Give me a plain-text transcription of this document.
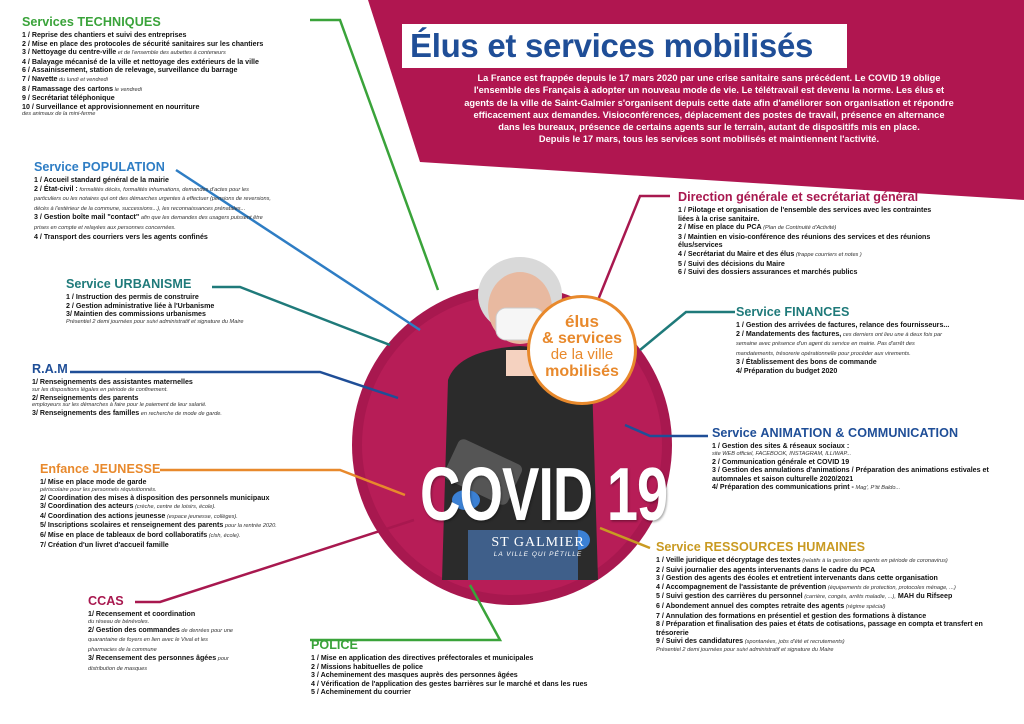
Élus et services mobilisés
La France est frappée depuis le 17 mars 2020 par une crise sanitaire sans précédent. Le COVID 19 oblige
l'ensemble des Français à adopter un nouveau mode de vie. Le télétravail est devenu la norme. Les élus et
agents de la ville de Saint-Galmier s'organisent depuis cette date afin d'améliorer son organisation et répondre
efficacement aux demandes. Visioconférences, déplacement des postes de travail, présence en alternance
dans les bureaux, présence de certains agents sur le terrain, autant de dispositifs mis en place.
Depuis le 17 mars, tous les services sont mobilisés et maintiennent l'activité.
élus
& services
de la ville
mobilisés
COVID 19
ST GALMIER
LA VILLE QUI PÉTILLE
Services TECHNIQUES
1 / Reprise des chantiers et suivi des entreprises
2 / Mise en place des protocoles de sécurité sanitaires sur les chantiers
3 / Nettoyage du centre-ville et de l'ensemble des aubettes à conteneurs
4 / Balayage mécanisé de la ville et nettoyage des extérieurs de la ville
6 / Assainissement, station de relevage, surveillance du barrage
7 / Navette du lundi et vendredi
8 / Ramassage des cartons le vendredi
9 / Secrétariat téléphonique
10 / Surveillance et approvisionnement en nourriture
des animaux de la mini-ferme
Service POPULATION
1 / Accueil standard général de la mairie
2 / État-civil : formalités décès, formalités inhumations, demandes d'actes pour les particuliers ou les notaires qui ont des démarches urgentes à effectuer (pensions de reversions, décès à l'extérieur de la commune, successions...), les reconnaissances prénatales...
3 / Gestion boîte mail "contact" afin que les demandes des usagers puissent être prises en compte et relayées aux personnes concernées.
4 / Transport des courriers vers les agents confinés
Service URBANISME
1 / Instruction des permis de construire
2 / Gestion administrative liée à l'Urbanisme
3/ Maintien des commissions urbanismes
Présentiel 2 demi journées pour suivi administratif et signature du Maire
R.A.M
1/ Renseignements des assistantes maternelles
sur les dispositions légales en période de confinement.
2/ Renseignements des parents
employeurs sur les démarches à faire pour le paiement de leur salarié.
3/ Renseignements des familles en recherche de mode de garde.
Enfance JEUNESSE
1/ Mise en place mode de garde
périscolaire pour les personnels réquisitionnés.
2/ Coordination des mises à disposition des personnels municipaux
3/ Coordination des acteurs (crèche, centre de loisirs, école).
4/ Coordination des actions jeunesse (espace jeunesse, collèges).
5/ Inscriptions scolaires et renseignement des parents pour la rentrée 2020.
6/ Mise en place de tableaux de bord collaboratifs (clsh, école).
7/ Création d'un livret d'accueil famille
CCAS
1/ Recensement et coordination
du réseau de bénévoles.
2/ Gestion des commandes de denrées pour une quarantaine de foyers en lien avec le Vival et les pharmacies de la commune
3/ Recensement des personnes âgées pour distribution de masques
POLICE
1 / Mise en application des directives préfectorales et municipales
2 / Missions habituelles de police
3 / Acheminement des masques auprès des personnes âgées
4 / Vérification de l'application des gestes barrières sur le marché et dans les rues
5 / Acheminement du courrier
Direction générale et secrétariat général
1 / Pilotage et organisation de l'ensemble des services avec les contraintes liées à la crise sanitaire.
2 / Mise en place du PCA (Plan de Continuité d'Activité)
3 / Maintien en visio-conférence des réunions des services et des réunions élus/services
4 / Secrétariat du Maire et des élus (frappe courriers et notes )
5 / Suivi des décisions du Maire
6 / Suivi des dossiers assurances et marchés publics
Service FINANCES
1 / Gestion des arrivées de factures, relance des fournisseurs...
2 / Mandatements des factures, ces derniers ont lieu une à deux fois par semaine avec présence d'un agent du service en mairie. Pas d'arrêt des mandatements, trésorerie opérationnelle pour procéder aux virements.
3 / Établissement des bons de commande
4/ Préparation du budget 2020
Service ANIMATION & COMMUNICATION
1 / Gestion des sites & réseaux sociaux :
site WEB officiel, FACEBOOK, INSTAGRAM, ILLIWAP...
2 / Communication générale et COVID 19
3 / Gestion des annulations d'animations / Préparation des animations estivales et automnales et saison culturelle 2020/2021
4/ Préparation des communications print - Mag', P'tit Baldo...
Service RESSOURCES HUMAINES
1 / Veille juridique et décryptage des textes (relatifs à la gestion des agents en période de coronavirus)
2 / Suivi journalier des agents intervenants dans le cadre du PCA
3 / Gestion des agents des écoles et entretient intervenants dans cette organisation
4 / Accompagnement de l'assistante de prévention (équipements de protection, protocoles ménage, ...)
5 / Suivi gestion des carrières du personnel (carrière, congés, arrêts maladie, ...), MAH du Rifseep
6 / Abondement annuel des comptes retraite des agents (régime spécial)
7 / Annulation des formations en présentiel et gestion des formations à distance
8 / Préparation et finalisation des paies et états de cotisations, passage en compta et transfert en trésorerie
9 / Suivi des candidatures (spontanées, jobs d'été et recrutements)
Présentiel 2 demi journées pour suivi administratif et signature du Maire
